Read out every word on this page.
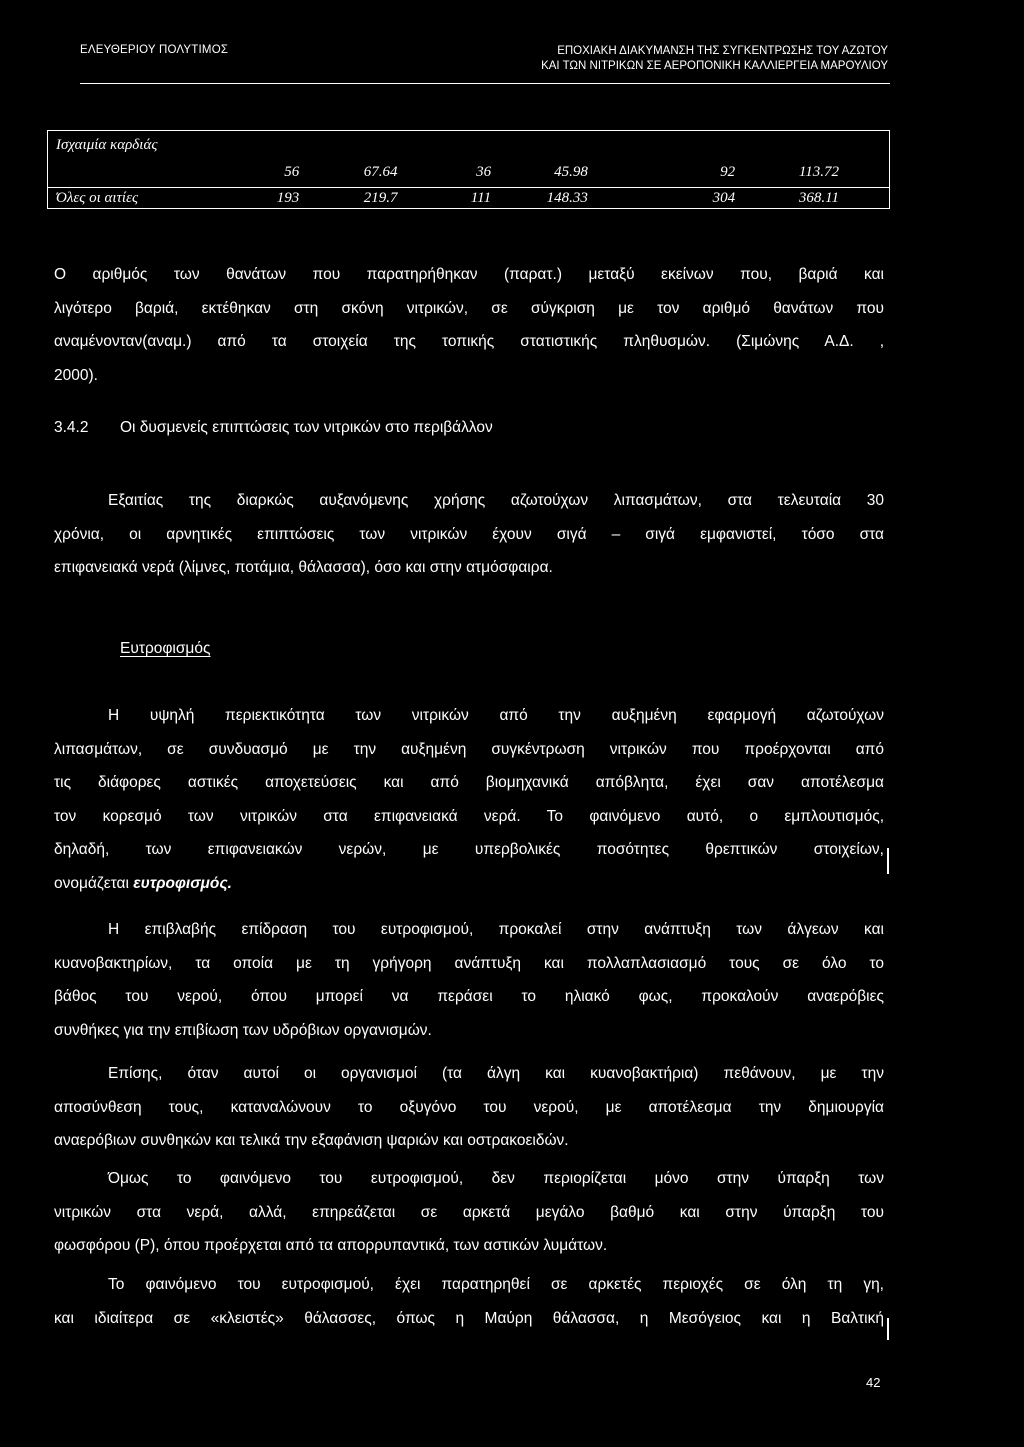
ΕΛΕΥΘΕΡΙΟΥ ΠΟΛΥΤΙΜΟΣ	ΕΠΟΧΙΑΚΗ ΔΙΑΚΥΜΑΝΣΗ ΤΗΣ ΣΥΓΚΕΝΤΡΩΣΗΣ ΤΟΥ ΑΖΩΤΟΥ
ΚΑΙ ΤΩΝ ΝΙΤΡΙΚΩΝ ΣΕ ΑΕΡΟΠΟΝΙΚΗ ΚΑΛΛΙΕΡΓΕΙΑ ΜΑΡΟΥΛΙΟΥ
Ισχαιμία καρδιάς	56	67.64	36	45.98	92	113.72
Όλες οι αιτίες	193	219.7	111	148.33	304	368.11
Ο αριθμός των θανάτων που παρατηρήθηκαν (παρατ.) μεταξύ εκείνων που, βαριά και
λιγότερο βαριά, εκτέθηκαν στη σκόνη νιτρικών, σε σύγκριση με τον αριθμό θανάτων που
αναμένονταν(αναμ.) από τα στοιχεία της τοπικής στατιστικής πληθυσμών. (Σιμώνης Α.Δ. ,
2000).
3.4.2 Οι δυσμενείς επιπτώσεις των νιτρικών στο περιβάλλον
Εξαιτίας της διαρκώς αυξανόμενης χρήσης αζωτούχων λιπασμάτων, στα τελευταία 30
χρόνια, οι αρνητικές επιπτώσεις των νιτρικών έχουν σιγά – σιγά εμφανιστεί, τόσο στα
επιφανειακά νερά (λίμνες, ποτάμια, θάλασσα), όσο και στην ατμόσφαιρα.
Ευτροφισμός
Η υψηλή περιεκτικότητα των νιτρικών από την αυξημένη εφαρμογή αζωτούχων
λιπασμάτων, σε συνδυασμό με την αυξημένη συγκέντρωση νιτρικών που προέρχονται από
τις διάφορες αστικές αποχετεύσεις και από βιομηχανικά απόβλητα, έχει σαν αποτέλεσμα
τον κορεσμό των νιτρικών στα επιφανειακά νερά. Το φαινόμενο αυτό, ο εμπλουτισμός,
δηλαδή, των επιφανειακών νερών, με υπερβολικές ποσότητες θρεπτικών στοιχείων,
ονομάζεται ευτροφισμός.
Η επιβλαβής επίδραση του ευτροφισμού, προκαλεί στην ανάπτυξη των άλγεων και
κυανοβακτηρίων, τα οποία με τη γρήγορη ανάπτυξη και πολλαπλασιασμό τους σε όλο το
βάθος του νερού, όπου μπορεί να περάσει το ηλιακό φως, προκαλούν αναερόβιες
συνθήκες για την επιβίωση των υδρόβιων οργανισμών.
Επίσης, όταν αυτοί οι οργανισμοί (τα άλγη και κυανοβακτήρια) πεθάνουν, με την
αποσύνθεση τους, καταναλώνουν το οξυγόνο του νερού, με αποτέλεσμα την δημιουργία
αναερόβιων συνθηκών και τελικά την εξαφάνιση ψαριών και οστρακοειδών.
Όμως το φαινόμενο του ευτροφισμού, δεν περιορίζεται μόνο στην ύπαρξη των
νιτρικών στα νερά, αλλά, επηρεάζεται σε αρκετά μεγάλο βαθμό και στην ύπαρξη του
φωσφόρου (Ρ), όπου προέρχεται από τα απορρυπαντικά, των αστικών λυμάτων.
Το φαινόμενο του ευτροφισμού, έχει παρατηρηθεί σε αρκετές περιοχές σε όλη τη γη,
και ιδιαίτερα σε «κλειστές» θάλασσες, όπως η Μαύρη θάλασσα, η Μεσόγειος και η Βαλτική
42
